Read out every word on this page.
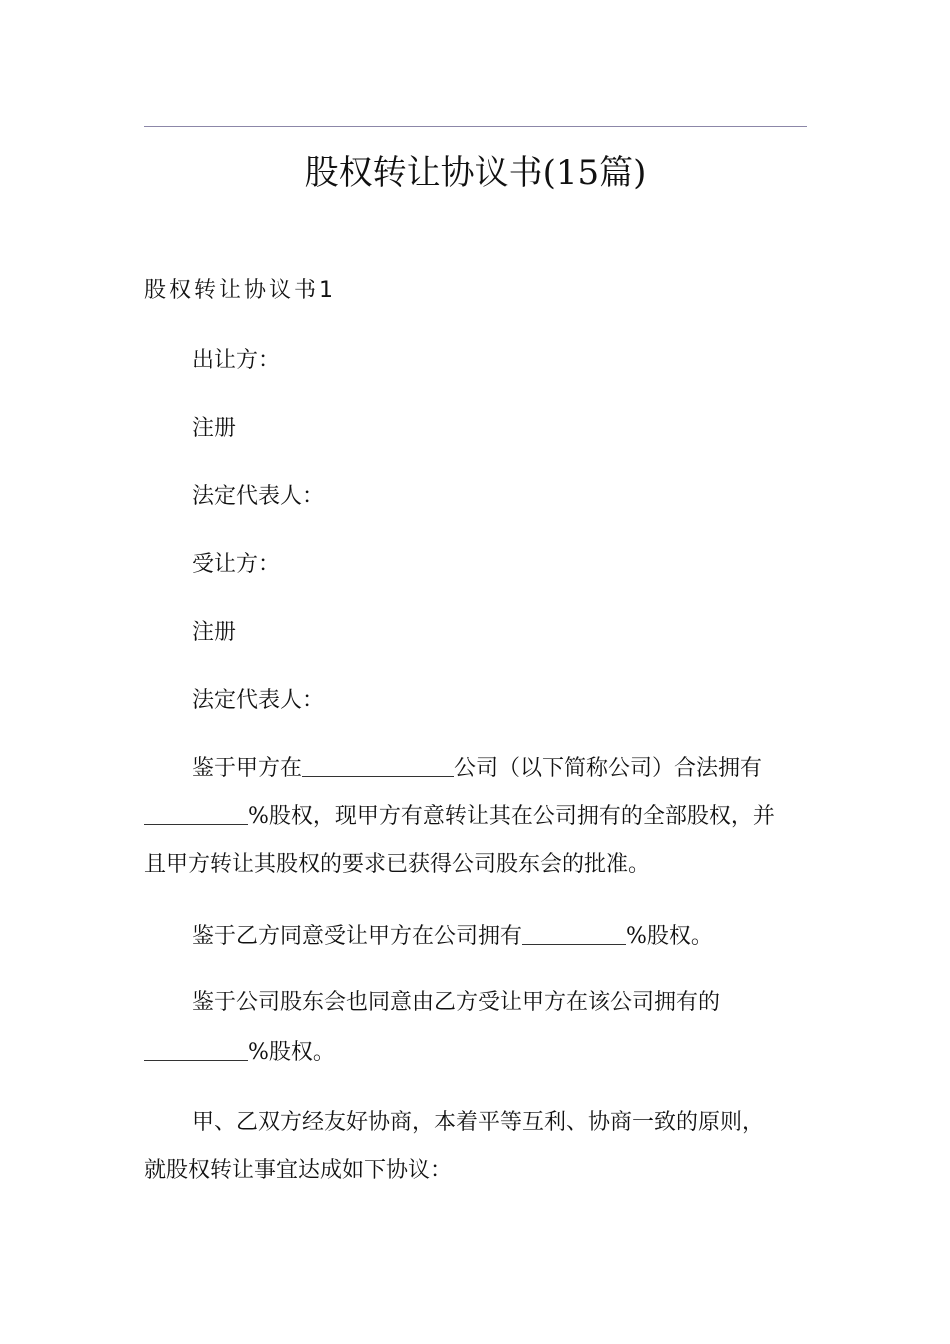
股权转让协议书(15篇)
股权转让协议书1
出让方：
注册
法定代表人：
受让方：
注册
法定代表人：
鉴于甲方在	公司（以下简称公司）合法拥有
%股权，现甲方有意转让其在公司拥有的全部股权，并
且甲方转让其股权的要求已获得公司股东会的批准。
鉴于乙方同意受让甲方在公司拥有	%股权。
鉴于公司股东会也同意由乙方受让甲方在该公司拥有的
%股权。
甲、乙双方经友好协商，本着平等互利、协商一致的原则，
就股权转让事宜达成如下协议：
